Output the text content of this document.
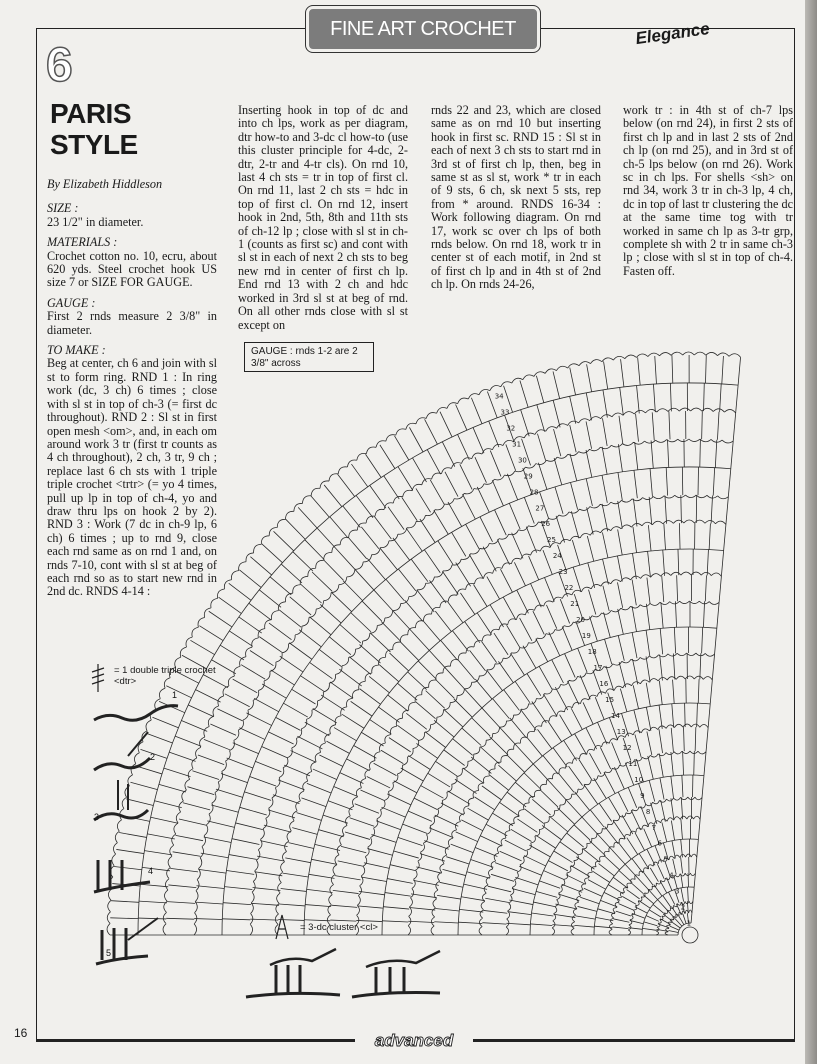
FINE ART CROCHET	Elegance
6
PARIS
STYLE
By Elizabeth Hiddleson
SIZE :
23 1/2" in diameter.
MATERIALS :
Crochet cotton no. 10, ecru, about 620 yds. Steel crochet hook US size 7 or SIZE FOR GAUGE.
GAUGE :
First 2 rnds measure 2 3/8" in diameter.
TO MAKE :
Beg at center, ch 6 and join with sl st to form ring. RND 1 : In ring work (dc, 3 ch) 6 times ; close with sl st in top of ch-3 (= first dc throughout). RND 2 : Sl st in first open mesh <om>, and, in each om around work 3 tr (first tr counts as 4 ch throughout), 2 ch, 3 tr, 9 ch ; replace last 6 ch sts with 1 triple triple crochet <trtr> (= yo 4 times, pull up lp in top of ch-4, yo and draw thru lps on hook 2 by 2). RND 3 : Work (7 dc in ch-9 lp, 6 ch) 6 times ; up to rnd 9, close each rnd same as on rnd 1 and, on rnds 7-10, cont with sl st at beg of each rnd so as to start new rnd in 2nd dc. RNDS 4-14 :
Inserting hook in top of dc and into ch lps, work as per diagram, dtr how-to and 3-dc cl how-to (use this cluster principle for 4-dc, 2-dtr, 2-tr and 4-tr cls). On rnd 10, last 4 ch sts = tr in top of first cl. On rnd 11, last 2 ch sts = hdc in top of first cl. On rnd 12, insert hook in 2nd, 5th, 8th and 11th sts of ch-12 lp ; close with sl st in ch-1 (counts as first sc) and cont with sl st in each of next 2 ch sts to beg new rnd in center of first ch lp. End rnd 13 with 2 ch and hdc worked in 3rd sl st at beg of rnd. On all other rnds close with sl st except on
rnds 22 and 23, which are closed same as on rnd 10 but inserting hook in first sc. RND 15 : Sl st in each of next 3 ch sts to start rnd in 3rd st of first ch lp, then, beg in same st as sl st, work * tr in each of 9 sts, 6 ch, sk next 5 sts, rep from * around. RNDS 16-34 : Work following diagram. On rnd 17, work sc over ch lps of both rnds below. On rnd 18, work tr in center st of each motif, in 2nd st of first ch lp and in 4th st of 2nd ch lp. On rnds 24-26,
work tr : in 4th st of ch-7 lps below (on rnd 24), in first 2 sts of first ch lp and in last 2 sts of 2nd ch lp (on rnd 25), and in 3rd st of ch-5 lps below (on rnd 26). Work sc in ch lps. For shells <sh> on rnd 34, work 3 tr in ch-3 lp, 4 ch, dc in top of last tr clustering the dc at the same time tog with tr worked in same ch lp as 3-tr grp, complete sh with 2 tr in same ch-3 lp ; close with sl st in top of ch-4. Fasten off.
1
2
3
4
5
6
7
8
9
10
11
12
13
14
15
16
17
18
19
20
21
22
23
24
25
26
27
28
29
30
31
32
33
34
GAUGE : rnds 1-2 are 2 3/8" across
1
2
3
4
5
= 1 double triple crochet <dtr>
= 3-dc cluster <cl>
advanced
16
